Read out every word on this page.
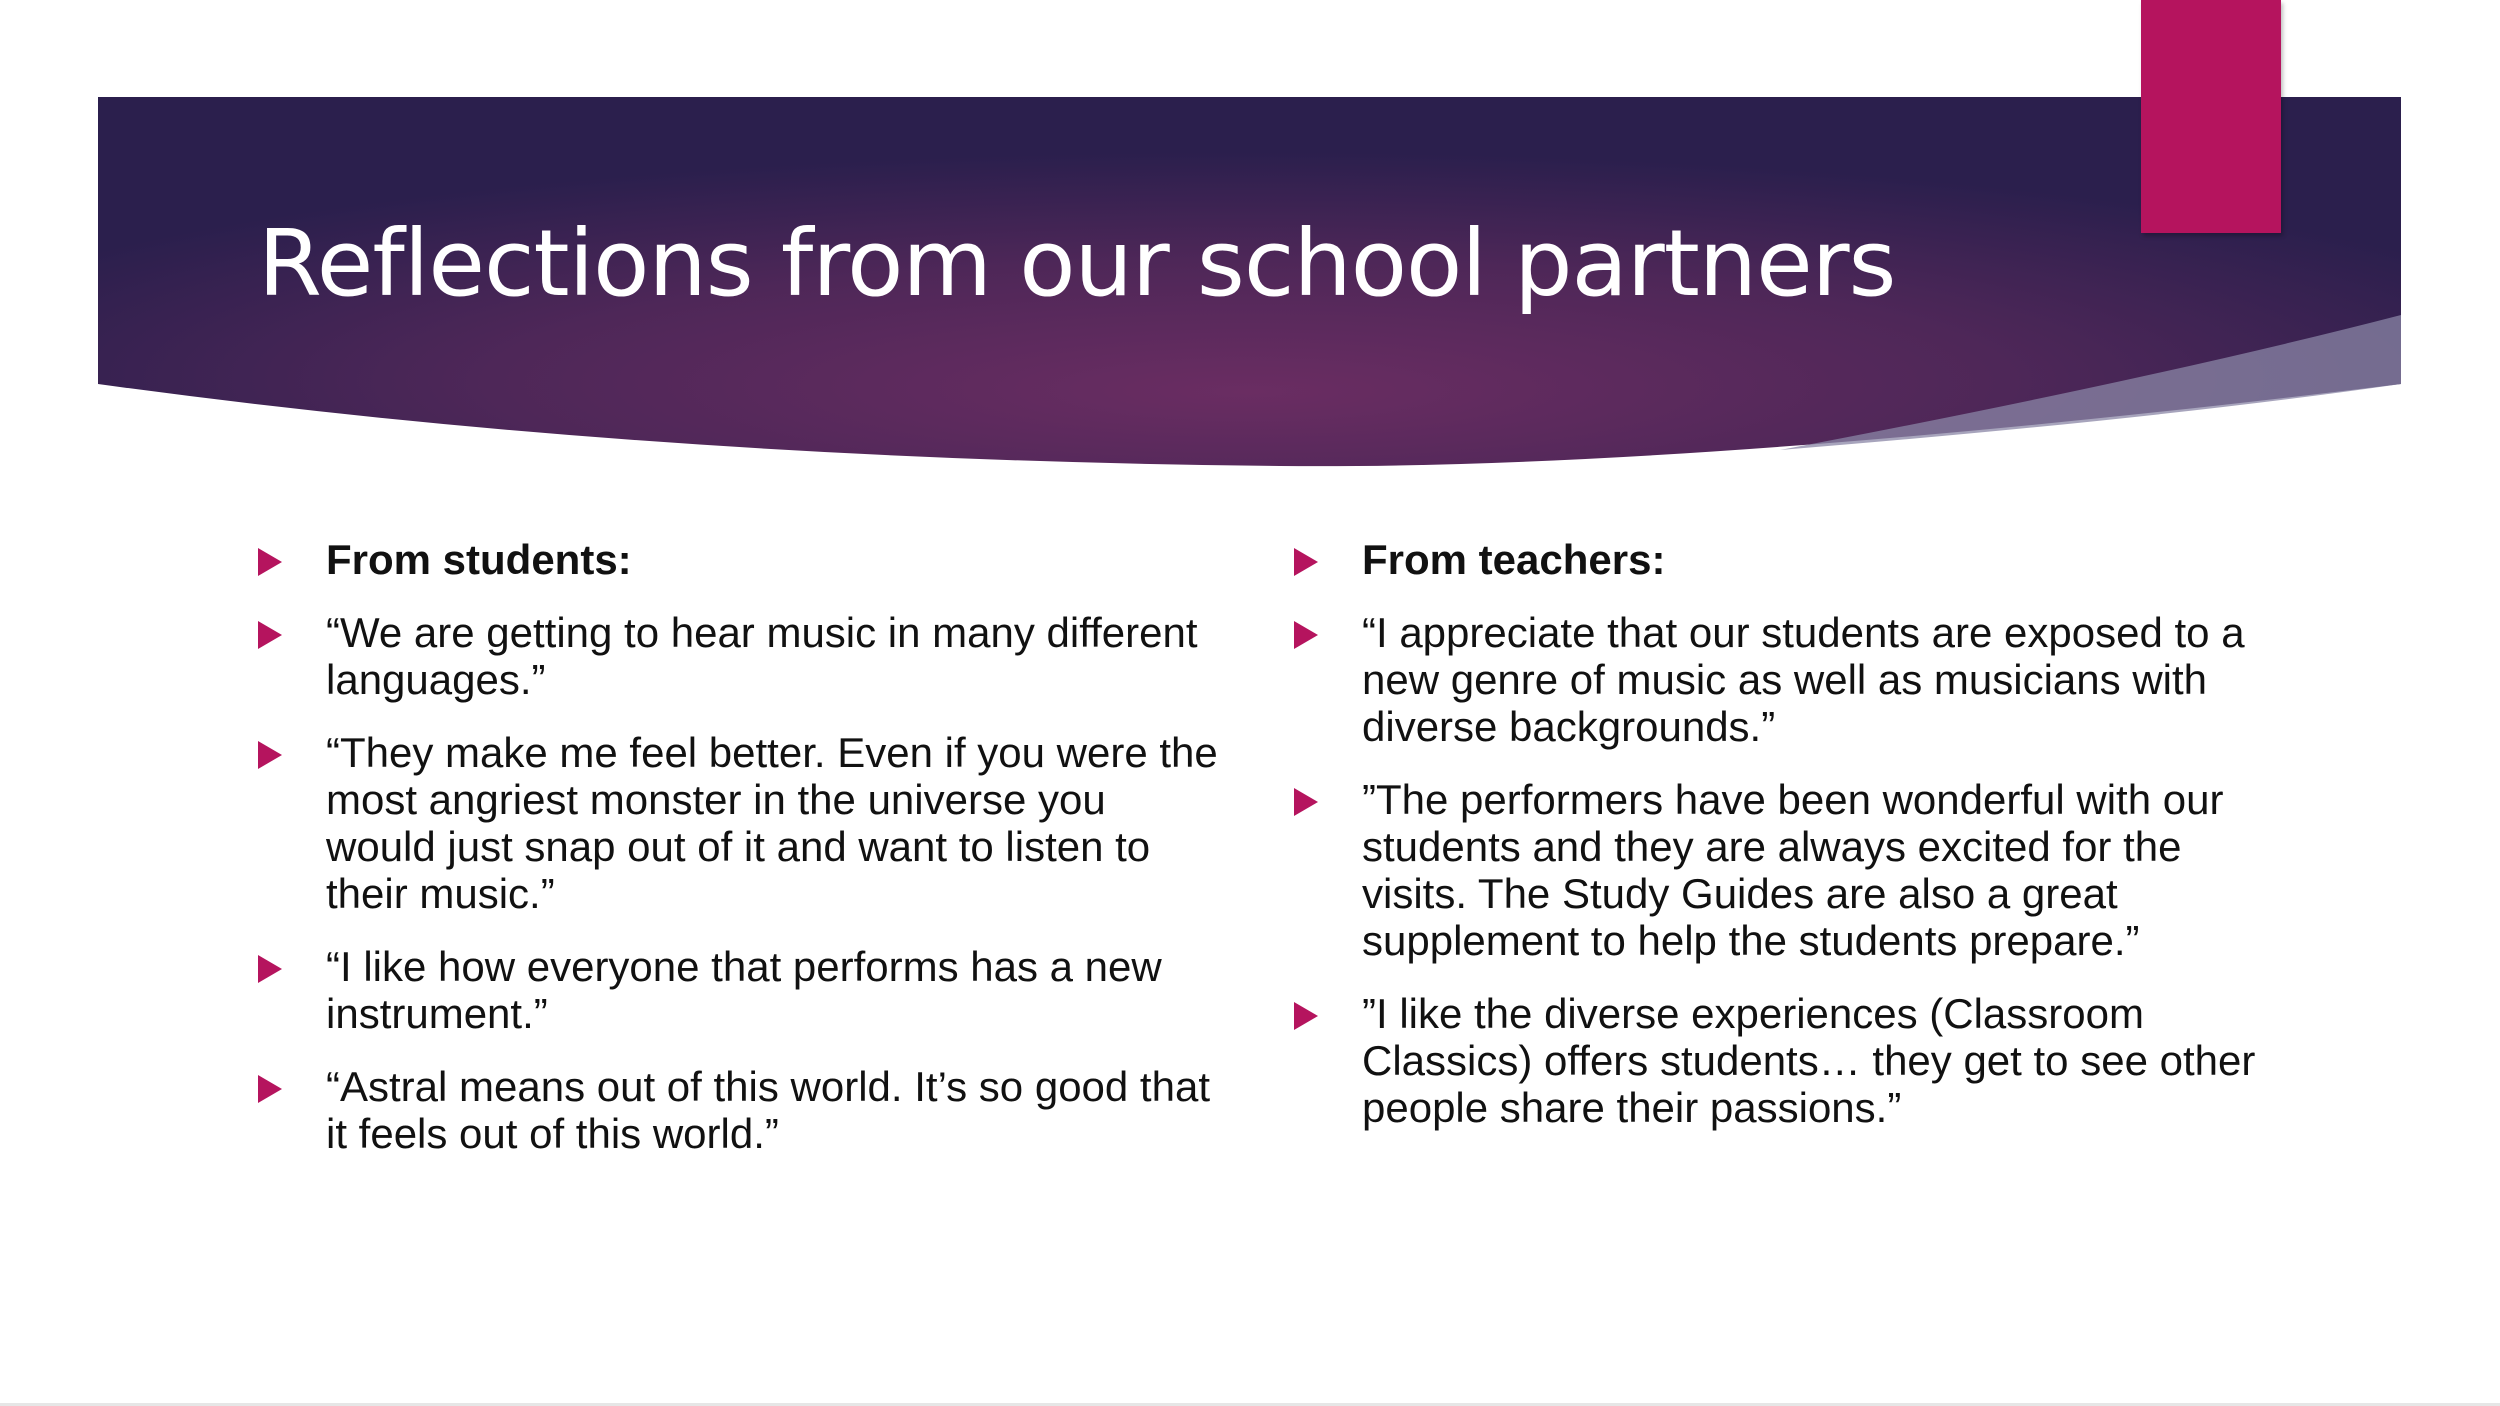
Reflections from our school partners
From students:
“We are getting to hear music in many different languages.”
“They make me feel better. Even if you were the most angriest monster in the universe you would just snap out of it and want to listen to their music.”
“I like how everyone that performs has a new instrument.”
“Astral means out of this world. It’s so good that it feels out of this world.”
From teachers:
“I appreciate that our students are exposed to a new genre of music as well as musicians with diverse backgrounds.”
”The performers have been wonderful with our students and they are always excited for the visits. The Study Guides are also a great supplement to help the students prepare.”
”I like the diverse experiences (Classroom Classics) offers students… they get to see other people share their passions.”
